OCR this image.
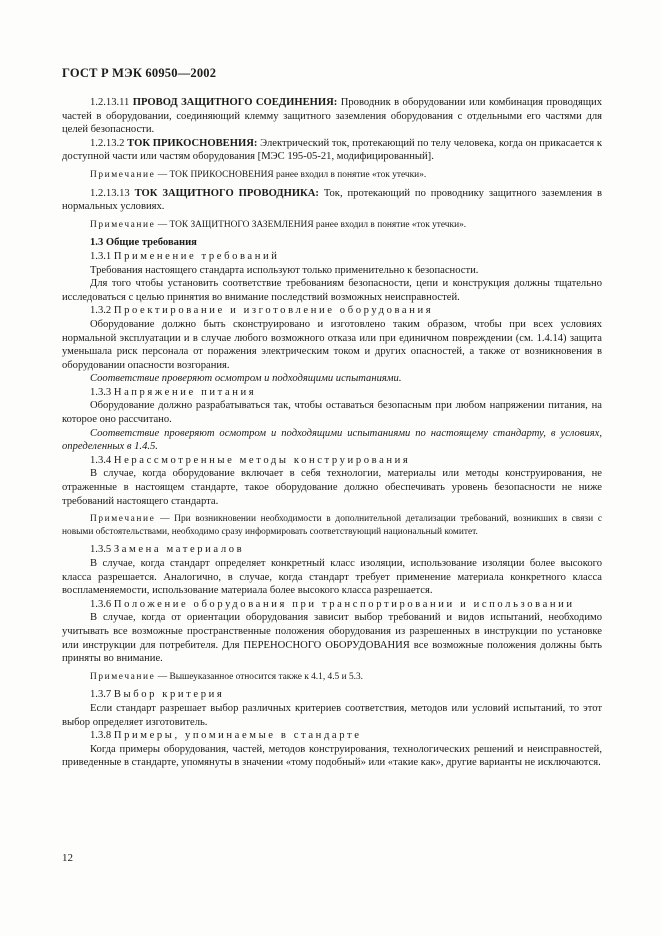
ГОСТ Р МЭК 60950—2002

1.2.13.11 ПРОВОД ЗАЩИТНОГО СОЕДИНЕНИЯ: Проводник в оборудовании или комбинация проводящих частей в оборудовании, соединяющий клемму защитного заземления оборудования с отдельными его частями для целей безопасности.

1.2.13.2 ТОК ПРИКОСНОВЕНИЯ: Электрический ток, протекающий по телу человека, когда он прикасается к доступной части или частям оборудования [МЭС 195-05-21, модифицированный].

Примечание — ТОК ПРИКОСНОВЕНИЯ ранее входил в понятие «ток утечки».

1.2.13.13 ТОК ЗАЩИТНОГО ПРОВОДНИКА: Ток, протекающий по проводнику защитного заземления в нормальных условиях.

Примечание — ТОК ЗАЩИТНОГО ЗАЗЕМЛЕНИЯ ранее входил в понятие «ток утечки».

1.3 Общие требования

1.3.1 Применение требований

Требования настоящего стандарта используют только применительно к безопасности.

Для того чтобы установить соответствие требованиям безопасности, цепи и конструкция должны тщательно исследоваться с целью принятия во внимание последствий возможных неисправностей.

1.3.2 Проектирование и изготовление оборудования

Оборудование должно быть сконструировано и изготовлено таким образом, чтобы при всех условиях нормальной эксплуатации и в случае любого возможного отказа или при единичном повреждении (см. 1.4.14) защита уменьшала риск персонала от поражения электрическим током и других опасностей, а также от возникновения в оборудовании опасности возгорания.

Соответствие проверяют осмотром и подходящими испытаниями.

1.3.3 Напряжение питания

Оборудование должно разрабатываться так, чтобы оставаться безопасным при любом напряжении питания, на которое оно рассчитано.

Соответствие проверяют осмотром и подходящими испытаниями по настоящему стандарту, в условиях, определенных в 1.4.5.

1.3.4 Нерассмотренные методы конструирования

В случае, когда оборудование включает в себя технологии, материалы или методы конструирования, не отраженные в настоящем стандарте, такое оборудование должно обеспечивать уровень безопасности не ниже требований настоящего стандарта.

Примечание — При возникновении необходимости в дополнительной детализации требований, возникших в связи с новыми обстоятельствами, необходимо сразу информировать соответствующий национальный комитет.

1.3.5 Замена материалов

В случае, когда стандарт определяет конкретный класс изоляции, использование изоляции более высокого класса разрешается. Аналогично, в случае, когда стандарт требует применение материала конкретного класса воспламеняемости, использование материала более высокого класса разрешается.

1.3.6 Положение оборудования при транспортировании и использовании

В случае, когда от ориентации оборудования зависит выбор требований и видов испытаний, необходимо учитывать все возможные пространственные положения оборудования из разрешенных в инструкции по установке или инструкции для потребителя. Для ПЕРЕНОСНОГО ОБОРУДОВАНИЯ все возможные положения должны быть приняты во внимание.

Примечание — Вышеуказанное относится также к 4.1, 4.5 и 5.3.

1.3.7 Выбор критерия

Если стандарт разрешает выбор различных критериев соответствия, методов или условий испытаний, то этот выбор определяет изготовитель.

1.3.8 Примеры, упоминаемые в стандарте

Когда примеры оборудования, частей, методов конструирования, технологических решений и неисправностей, приведенные в стандарте, упомянуты в значении «тому подобный» или «такие как», другие варианты не исключаются.

12
